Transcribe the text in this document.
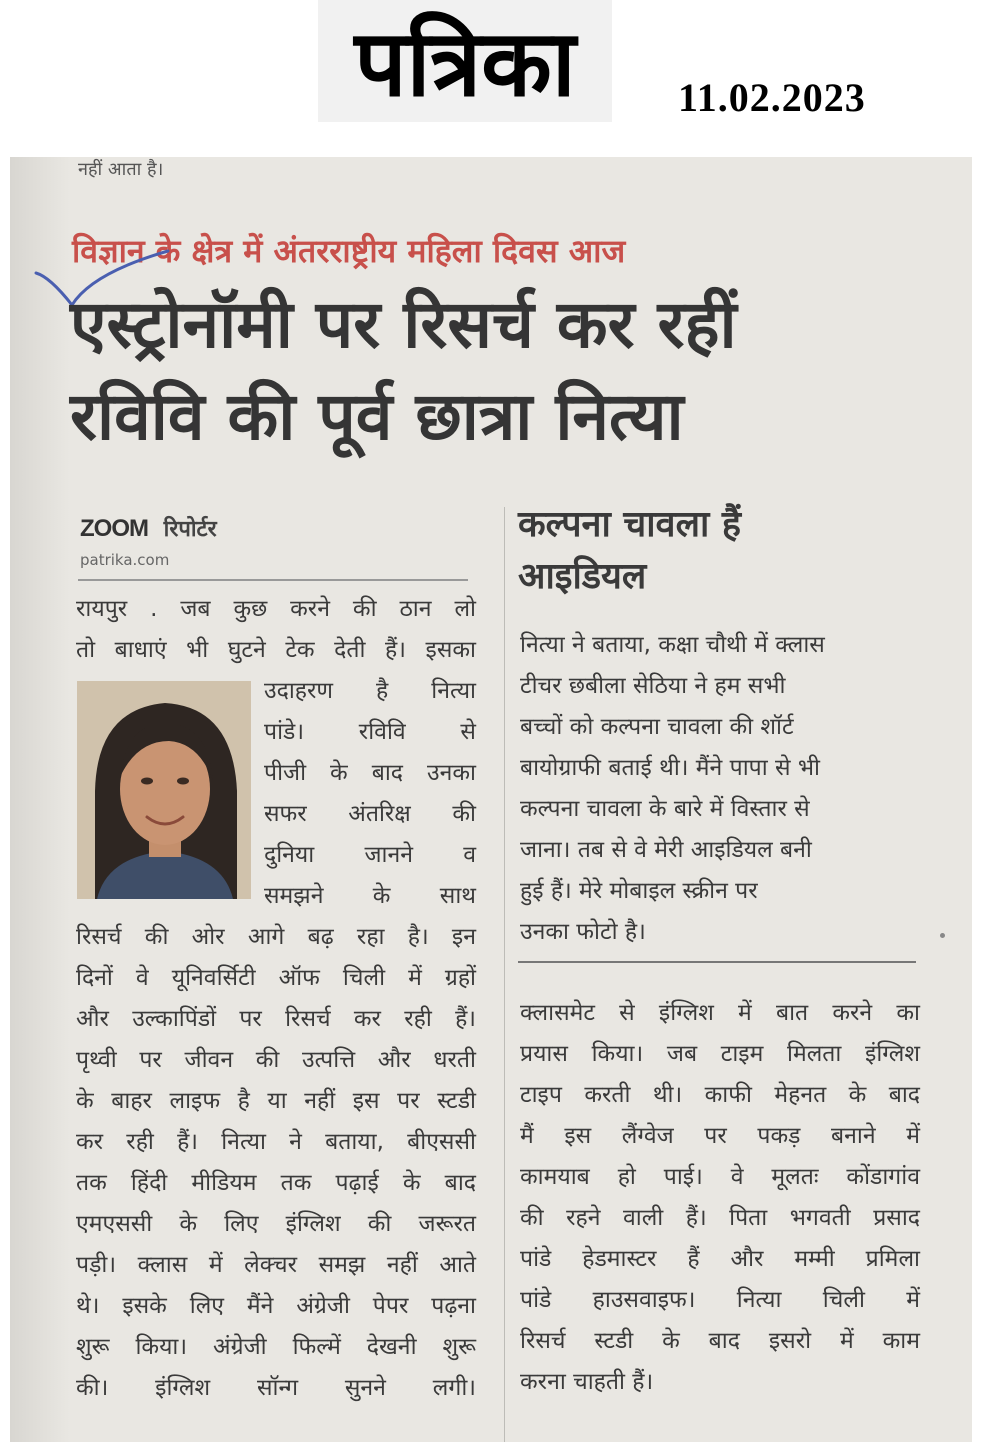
पत्रिका	11.02.2023
नहीं आता है।
विज्ञान के क्षेत्र में अंतरराष्ट्रीय महिला दिवस आज
एस्ट्रोनॉमी पर रिसर्च कर रहीं
रविवि की पूर्व छात्रा नित्या
ZOOM रिपोर्टर
patrika.com
रायपुर . जब कुछ करने की ठान लो
तो बाधाएं भी घुटने टेक देती हैं। इसका
उदाहरण है नित्या
पांडे। रविवि से
पीजी के बाद उनका
सफर अंतरिक्ष की
दुनिया जानने व
समझने के साथ
रिसर्च की ओर आगे बढ़ रहा है। इन
दिनों वे यूनिवर्सिटी ऑफ चिली में ग्रहों
और उल्कापिंडों पर रिसर्च कर रही हैं।
पृथ्वी पर जीवन की उत्पत्ति और धरती
के बाहर लाइफ है या नहीं इस पर स्टडी
कर रही हैं। नित्या ने बताया, बीएससी
तक हिंदी मीडियम तक पढ़ाई के बाद
एमएससी के लिए इंग्लिश की जरूरत
पड़ी। क्लास में लेक्चर समझ नहीं आते
थे। इसके लिए मैंने अंग्रेजी पेपर पढ़ना
शुरू किया। अंग्रेजी फिल्में देखनी शुरू
की। इंग्लिश सॉन्ग सुनने लगी।
कल्पना चावला हैं
आइडियल
नित्या ने बताया, कक्षा चौथी में क्लास
टीचर छबीला सेठिया ने हम सभी
बच्चों को कल्पना चावला की शॉर्ट
बायोग्राफी बताई थी। मैंने पापा से भी
कल्पना चावला के बारे में विस्तार से
जाना। तब से वे मेरी आइडियल बनी
हुई हैं। मेरे मोबाइल स्क्रीन पर
उनका फोटो है।
क्लासमेट से इंग्लिश में बात करने का
प्रयास किया। जब टाइम मिलता इंग्लिश
टाइप करती थी। काफी मेहनत के बाद
मैं इस लैंग्वेज पर पकड़ बनाने में
कामयाब हो पाई। वे मूलतः कोंडागांव
की रहने वाली हैं। पिता भगवती प्रसाद
पांडे हेडमास्टर हैं और मम्मी प्रमिला
पांडे हाउसवाइफ। नित्या चिली में
रिसर्च स्टडी के बाद इसरो में काम
करना चाहती हैं।
